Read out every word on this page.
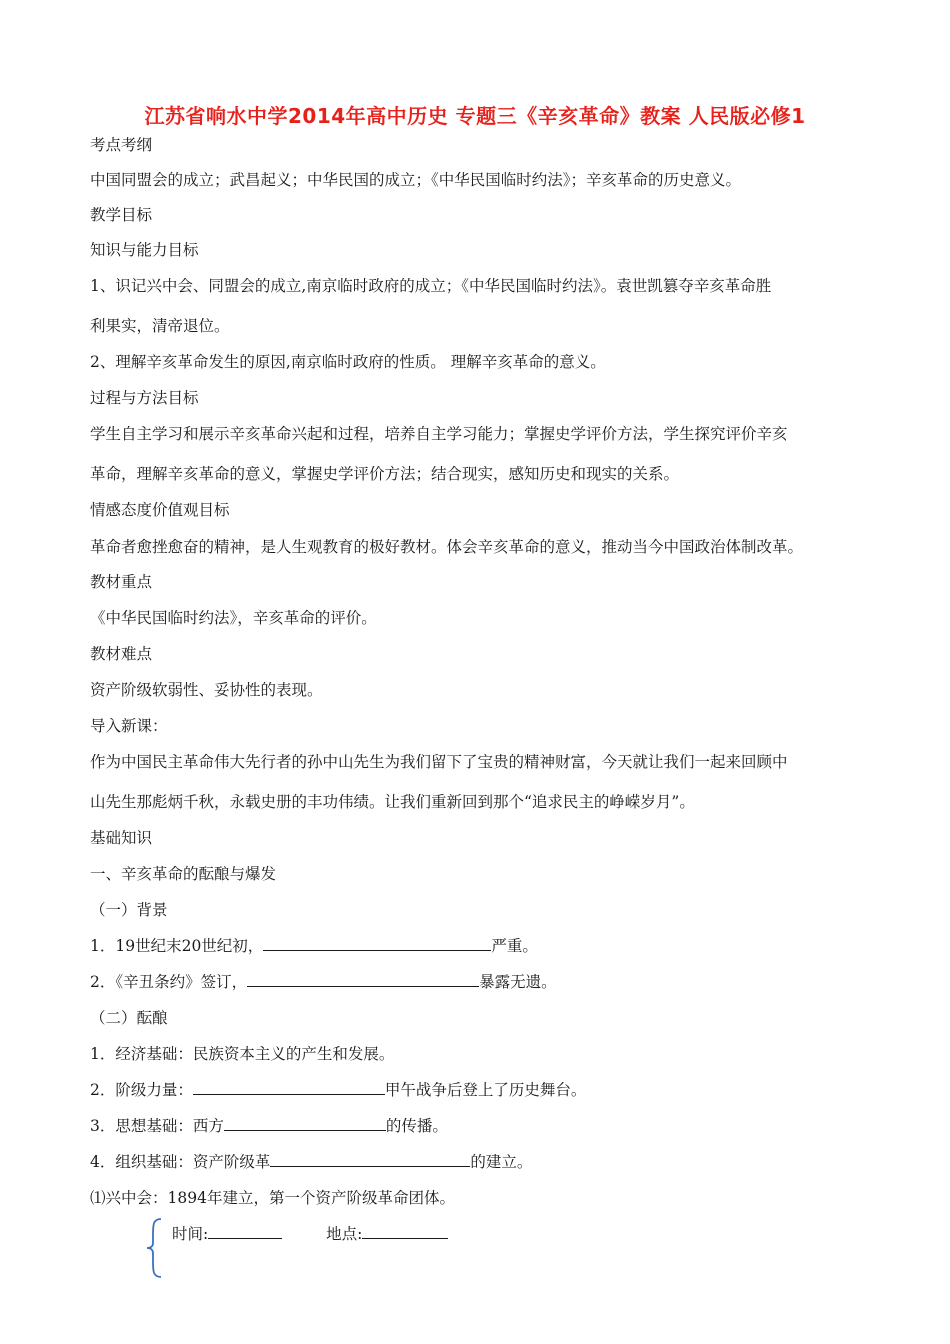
江苏省响水中学2014年高中历史 专题三《辛亥革命》教案 人民版必修1
考点考纲
中国同盟会的成立；武昌起义；中华民国的成立；《中华民国临时约法》；辛亥革命的历史意义。
教学目标
知识与能力目标
1、识记兴中会、同盟会的成立,南京临时政府的成立；《中华民国临时约法》。袁世凯篡夺辛亥革命胜
利果实，清帝退位。
2、理解辛亥革命发生的原因,南京临时政府的性质。 理解辛亥革命的意义。
过程与方法目标
学生自主学习和展示辛亥革命兴起和过程，培养自主学习能力；掌握史学评价方法，学生探究评价辛亥
革命，理解辛亥革命的意义，掌握史学评价方法；结合现实，感知历史和现实的关系。
情感态度价值观目标
革命者愈挫愈奋的精神，是人生观教育的极好教材。体会辛亥革命的意义，推动当今中国政治体制改革。
教材重点
《中华民国临时约法》，辛亥革命的评价。
教材难点
资产阶级软弱性、妥协性的表现。
导入新课：
作为中国民主革命伟大先行者的孙中山先生为我们留下了宝贵的精神财富，今天就让我们一起来回顾中
山先生那彪炳千秋，永载史册的丰功伟绩。让我们重新回到那个“追求民主的峥嵘岁月”。
基础知识
一、辛亥革命的酝酿与爆发
（一）背景
1．19世纪末20世纪初，	严重。
2．《辛丑条约》签订，	暴露无遗。
（二）酝酿
1．经济基础：民族资本主义的产生和发展。
2．阶级力量：	甲午战争后登上了历史舞台。
3．思想基础：西方	的传播。
4．组织基础：资产阶级革	的建立。
⑴兴中会：1894年建立，第一个资产阶级革命团体。
时间:	地点:
